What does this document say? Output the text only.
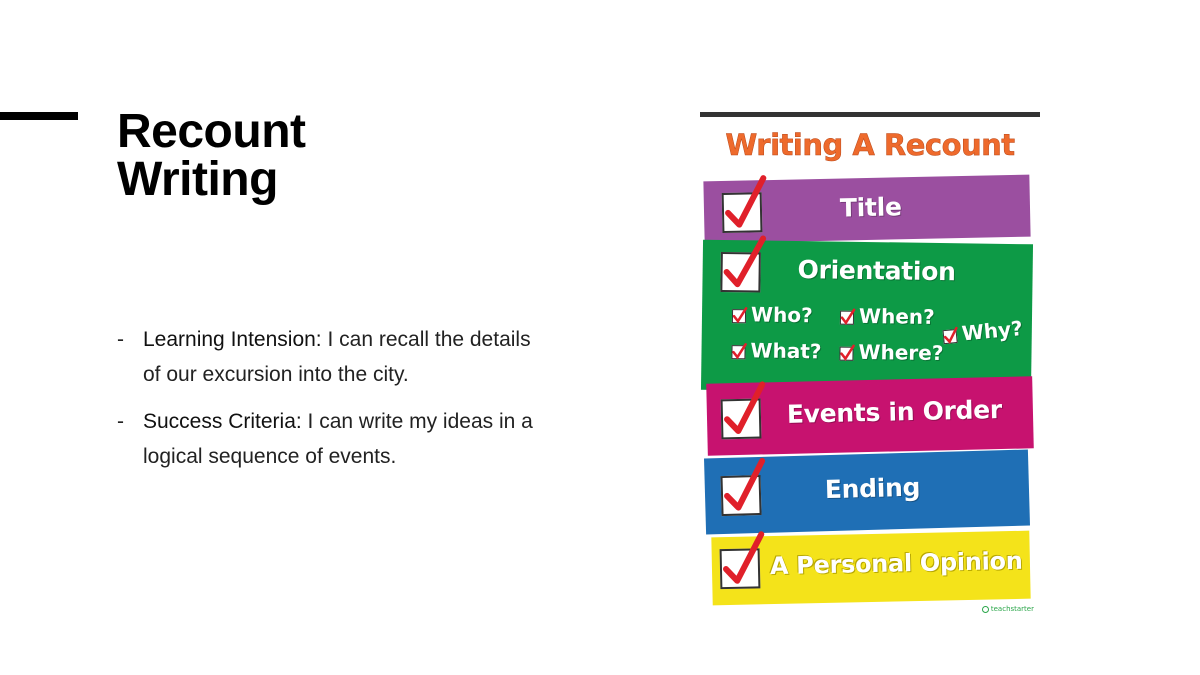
Recount
Writing
- Learning Intension: I can recall the details of our excursion into the city.
- Success Criteria: I can write my ideas in a logical sequence of events.
Writing A Recount
Title
Orientation
Who?	When?	Why?
What?	Where?
Events in Order
Ending
A Personal Opinion
teachstarter
